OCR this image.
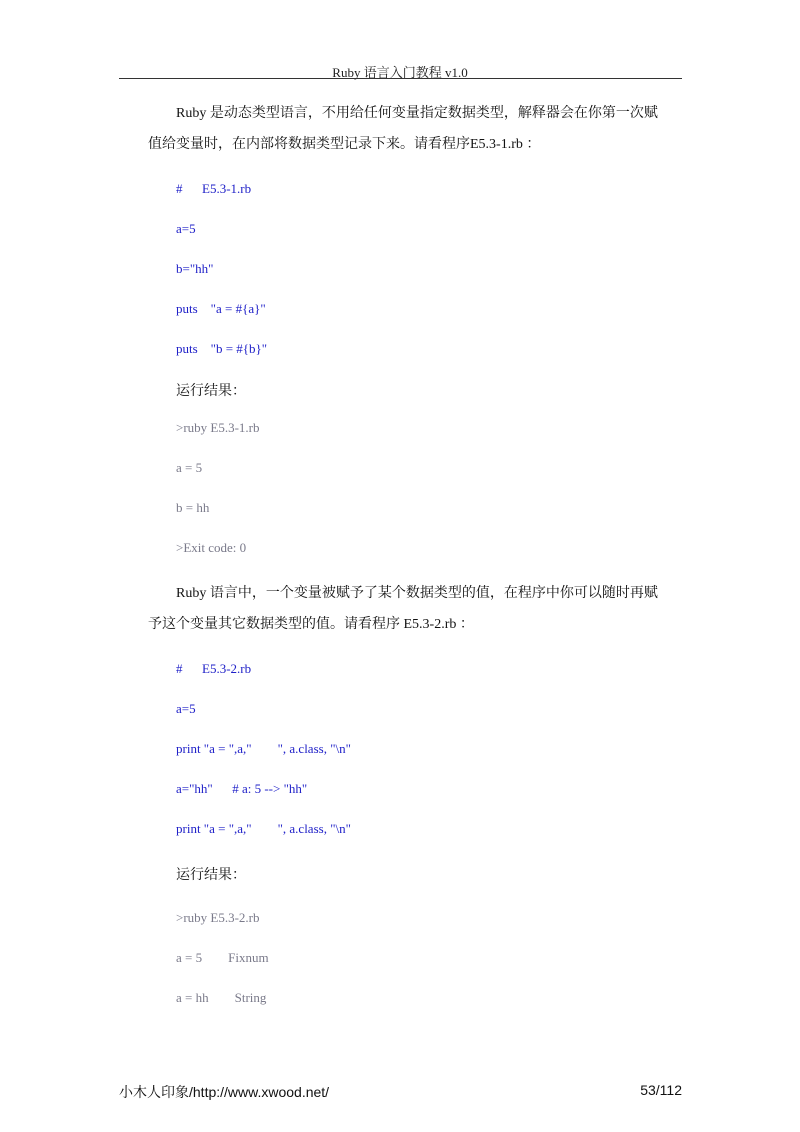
Ruby 语言入门教程 v1.0
　　Ruby 是动态类型语言，不用给任何变量指定数据类型，解释器会在你第一次赋值给变量时，在内部将数据类型记录下来。请看程序E5.3-1.rb ：
#      E5.3-1.rb
a=5
b="hh"
puts    "a = #{a}"
puts    "b = #{b}"
运行结果：
>ruby E5.3-1.rb
a = 5
b = hh
>Exit code: 0
　　Ruby 语言中，一个变量被赋予了某个数据类型的值，在程序中你可以随时再赋予这个变量其它数据类型的值。请看程序 E5.3-2.rb ：
#      E5.3-2.rb
a=5
print "a = ",a,"        ", a.class, "\n"
a="hh"      # a: 5 --> "hh"
print "a = ",a,"        ", a.class, "\n"
运行结果：
>ruby E5.3-2.rb
a = 5        Fixnum
a = hh        String
小木人印象/http://www.xwood.net/	53/112
